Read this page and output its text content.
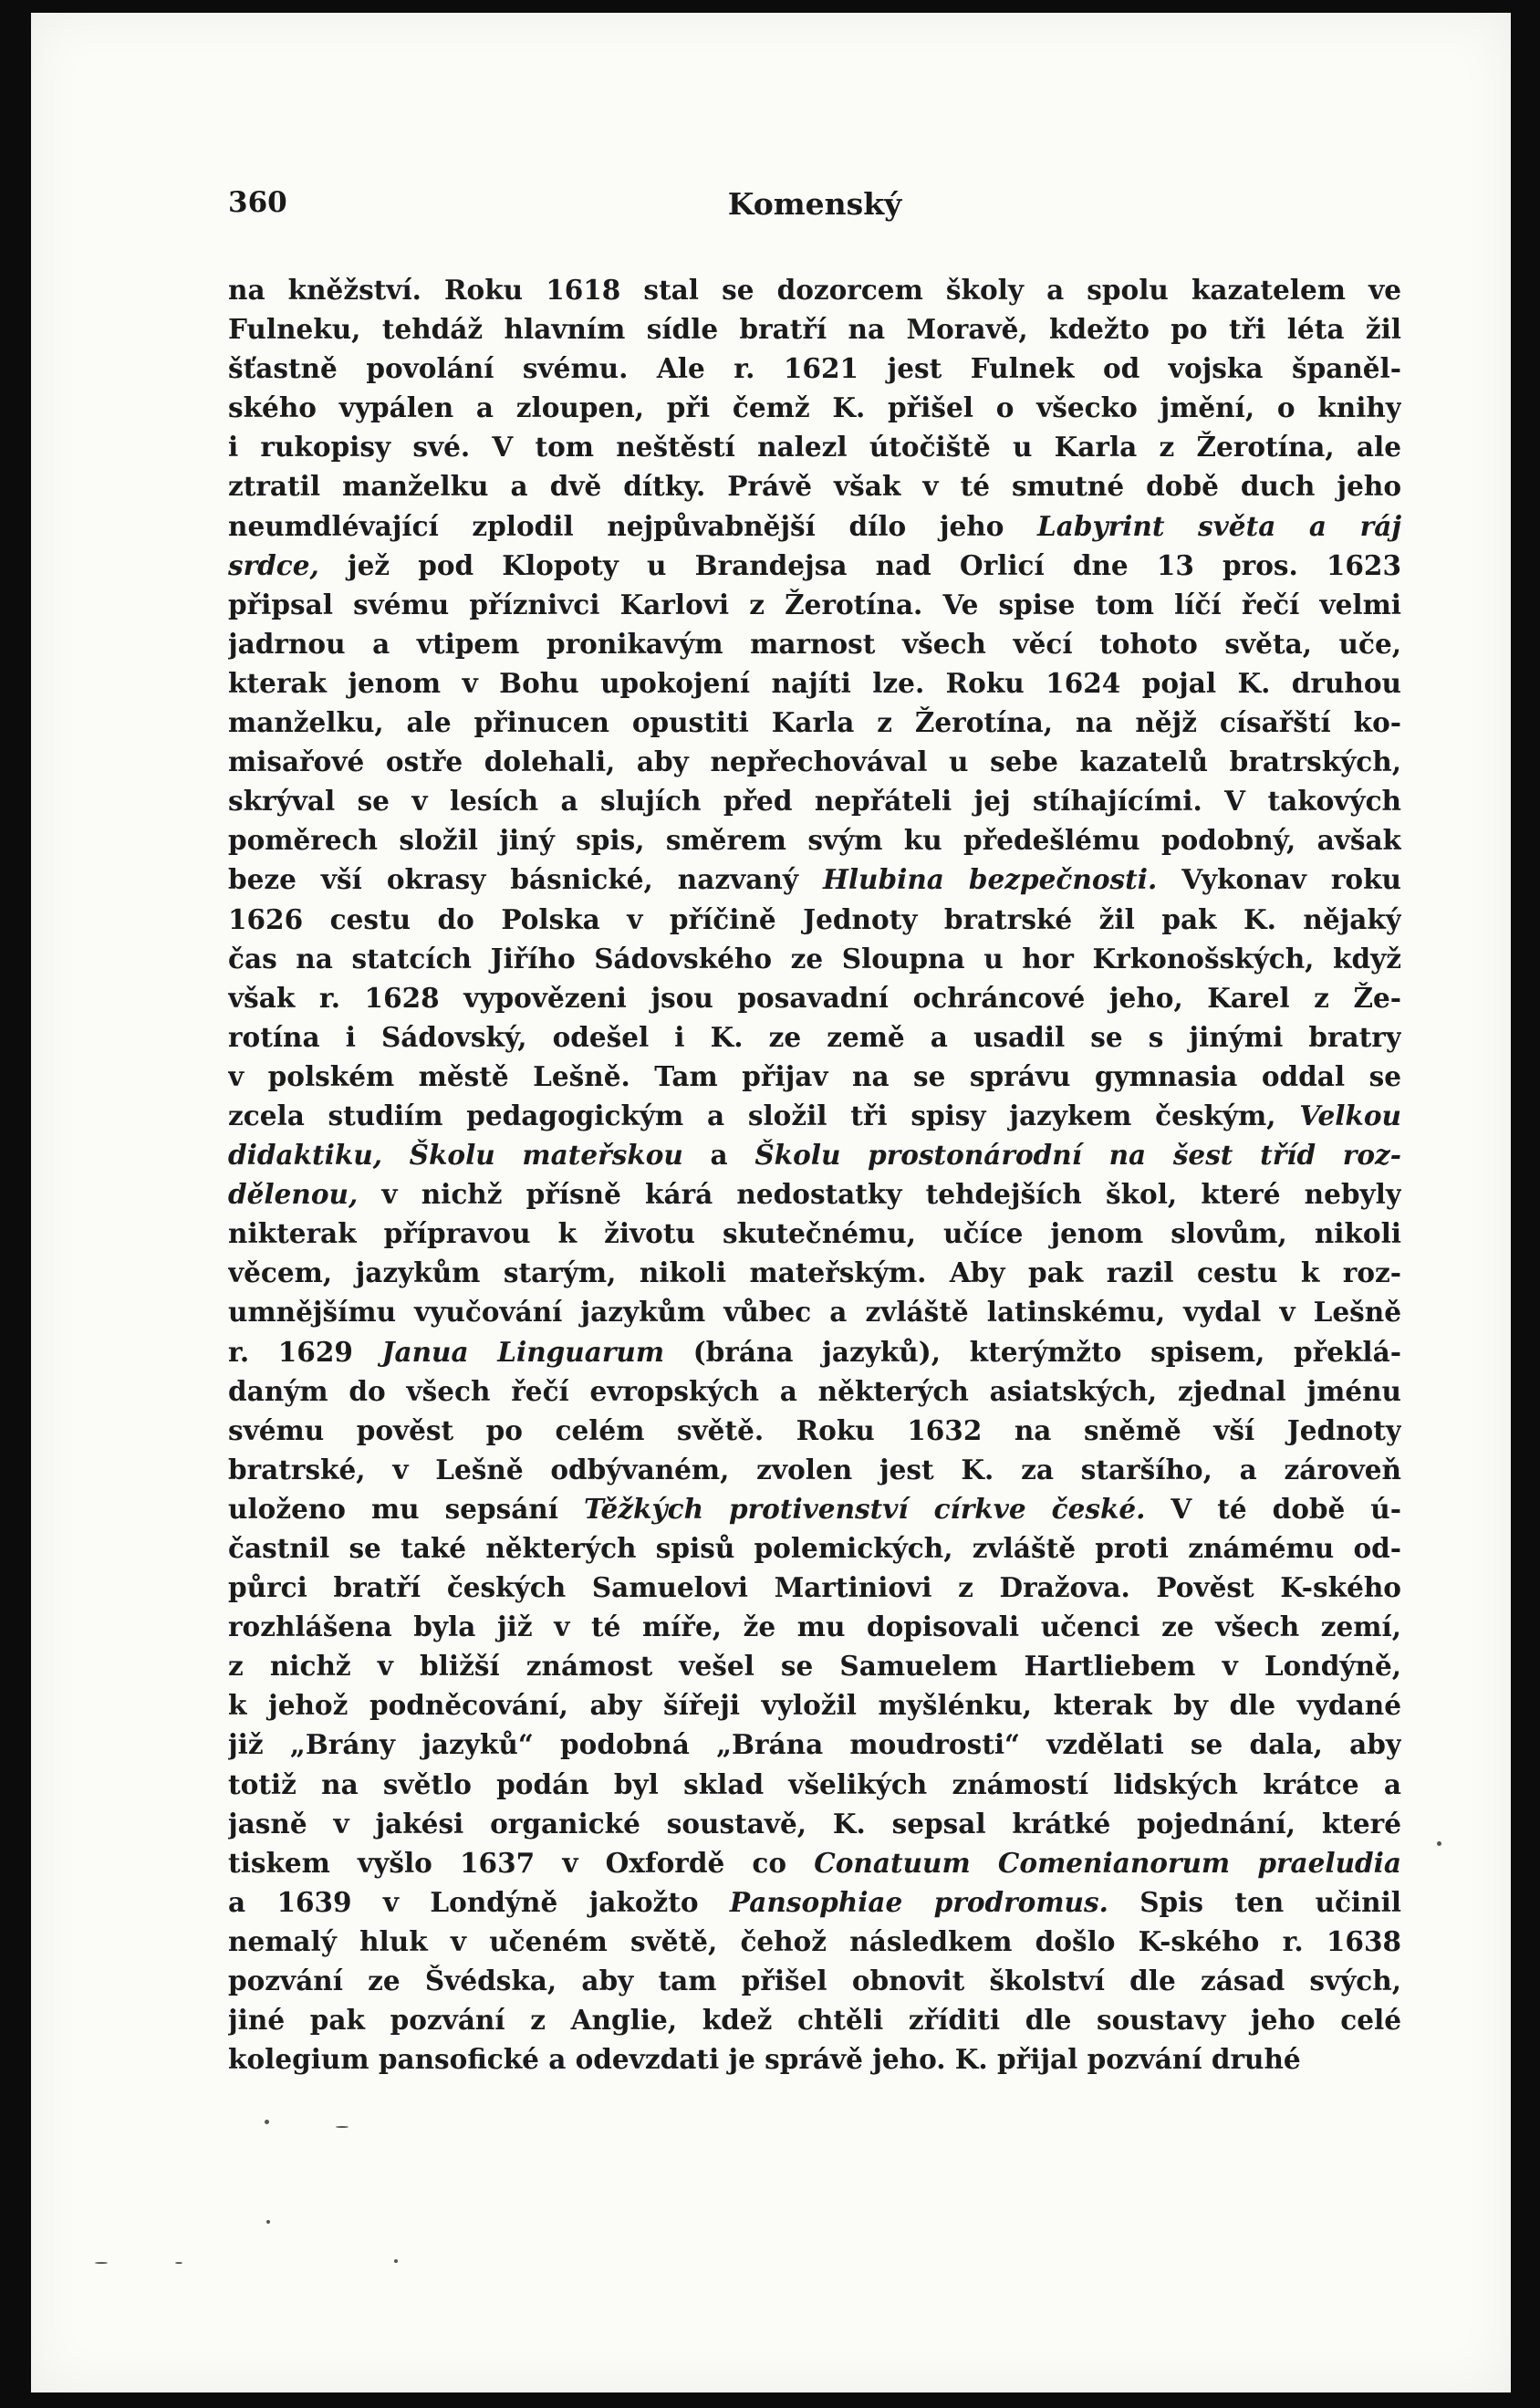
360	Komenský
na kněžství. Roku 1618 stal se dozorcem školy a spolu kazatelem ve
Fulneku, tehdáž hlavním sídle bratří na Moravě, kdežto po tři léta žil
šťastně povolání svému. Ale r. 1621 jest Fulnek od vojska španěl-
ského vypálen a zloupen, při čemž K. přišel o všecko jmění, o knihy
i rukopisy své. V tom neštěstí nalezl útočiště u Karla z Žerotína, ale
ztratil manželku a dvě dítky. Právě však v té smutné době duch jeho
neumdlévající zplodil nejpůvabnější dílo jeho Labyrint světa a ráj
srdce, jež pod Klopoty u Brandejsa nad Orlicí dne 13 pros. 1623
připsal svému příznivci Karlovi z Žerotína. Ve spise tom líčí řečí velmi
jadrnou a vtipem pronikavým marnost všech věcí tohoto světa, uče,
kterak jenom v Bohu upokojení najíti lze. Roku 1624 pojal K. druhou
manželku, ale přinucen opustiti Karla z Žerotína, na nějž císařští ko-
misařové ostře dolehali, aby nepřechovával u sebe kazatelů bratrských,
skrýval se v lesích a slujích před nepřáteli jej stíhajícími. V takových
poměrech složil jiný spis, směrem svým ku předešlému podobný, avšak
beze vší okrasy básnické, nazvaný Hlubina bezpečnosti. Vykonav roku
1626 cestu do Polska v příčině Jednoty bratrské žil pak K. nějaký
čas na statcích Jiřího Sádovského ze Sloupna u hor Krkonošských, když
však r. 1628 vypovězeni jsou posavadní ochráncové jeho, Karel z Že-
rotína i Sádovský, odešel i K. ze země a usadil se s jinými bratry
v polském městě Lešně. Tam přijav na se správu gymnasia oddal se
zcela studiím pedagogickým a složil tři spisy jazykem českým, Velkou
didaktiku, Školu mateřskou a Školu prostonárodní na šest tříd roz-
dělenou, v nichž přísně kárá nedostatky tehdejších škol, které nebyly
nikterak přípravou k životu skutečnému, učíce jenom slovům, nikoli
věcem, jazykům starým, nikoli mateřským. Aby pak razil cestu k roz-
umnějšímu vyučování jazykům vůbec a zvláště latinskému, vydal v Lešně
r. 1629 Janua Linguarum (brána jazyků), kterýmžto spisem, překlá-
daným do všech řečí evropských a některých asiatských, zjednal jménu
svému pověst po celém světě. Roku 1632 na sněmě vší Jednoty
bratrské, v Lešně odbývaném, zvolen jest K. za staršího, a zároveň
uloženo mu sepsání Těžkých protivenství církve české. V té době ú-
častnil se také některých spisů polemických, zvláště proti známému od-
půrci bratří českých Samuelovi Martiniovi z Dražova. Pověst K-ského
rozhlášena byla již v té míře, že mu dopisovali učenci ze všech zemí,
z nichž v bližší známost vešel se Samuelem Hartliebem v Londýně,
k jehož podněcování, aby šířeji vyložil myšlénku, kterak by dle vydané
již „Brány jazyků“ podobná „Brána moudrosti“ vzdělati se dala, aby
totiž na světlo podán byl sklad všelikých známostí lidských krátce a
jasně v jakési organické soustavě, K. sepsal krátké pojednání, které
tiskem vyšlo 1637 v Oxfordě co Conatuum Comenianorum praeludia
a 1639 v Londýně jakožto Pansophiae prodromus. Spis ten učinil
nemalý hluk v učeném světě, čehož následkem došlo K-ského r. 1638
pozvání ze Švédska, aby tam přišel obnovit školství dle zásad svých,
jiné pak pozvání z Anglie, kdež chtěli zříditi dle soustavy jeho celé
kolegium pansofické a odevzdati je správě jeho. K. přijal pozvání druhé
